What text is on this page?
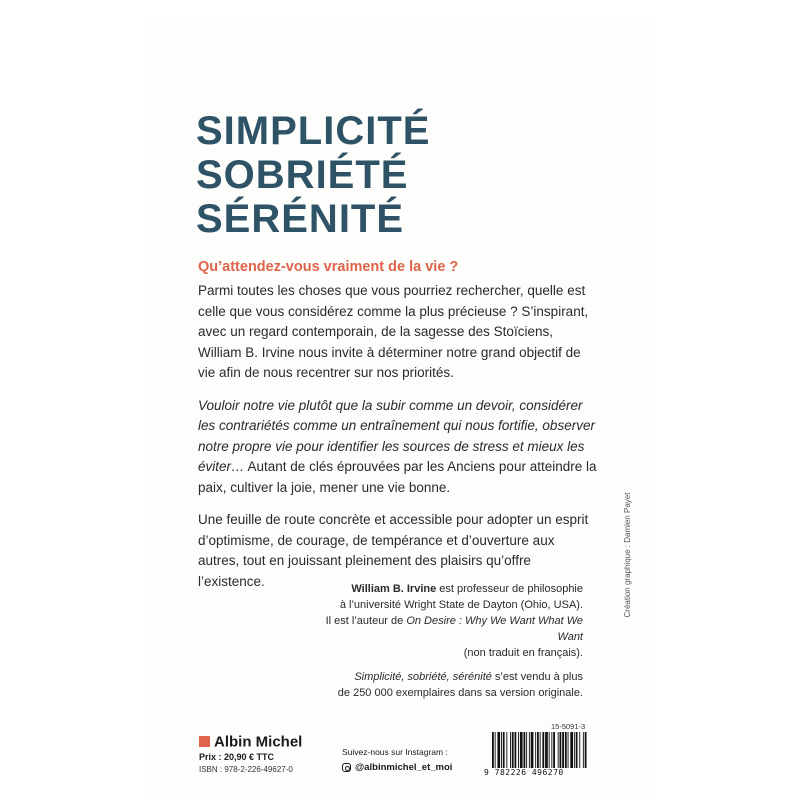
SIMPLICITÉ
SOBRIÉTÉ
SÉRÉNITÉ
Qu’attendez-vous vraiment de la vie ?

Parmi toutes les choses que vous pourriez rechercher, quelle est celle que vous considérez comme la plus précieuse ? S’inspirant, avec un regard contemporain, de la sagesse des Stoïciens, William B. Irvine nous invite à déterminer notre grand objectif de vie afin de nous recentrer sur nos priorités.

Vouloir notre vie plutôt que la subir comme un devoir, considérer les contrariétés comme un entraînement qui nous fortifie, observer notre propre vie pour identifier les sources de stress et mieux les éviter… Autant de clés éprouvées par les Anciens pour atteindre la paix, cultiver la joie, mener une vie bonne.

Une feuille de route concrète et accessible pour adopter un esprit d’optimisme, de courage, de tempérance et d’ouverture aux autres, tout en jouissant pleinement des plaisirs qu’offre l’existence.	Création graphique : Damien Payet

William B. Irvine est professeur de philosophie
à l’université Wright State de Dayton (Ohio, USA).
Il est l’auteur de On Desire : Why We Want What We Want
(non traduit en français).

Simplicité, sobriété, sérénité s’est vendu à plus
de 250 000 exemplaires dans sa version originale.

Albin Michel
Prix : 20,90 € TTC
ISBN : 978-2-226-49627-0
Suivez-nous sur Instagram :
@albinmichel_et_moi
15-5091-3
9 782226 496270
